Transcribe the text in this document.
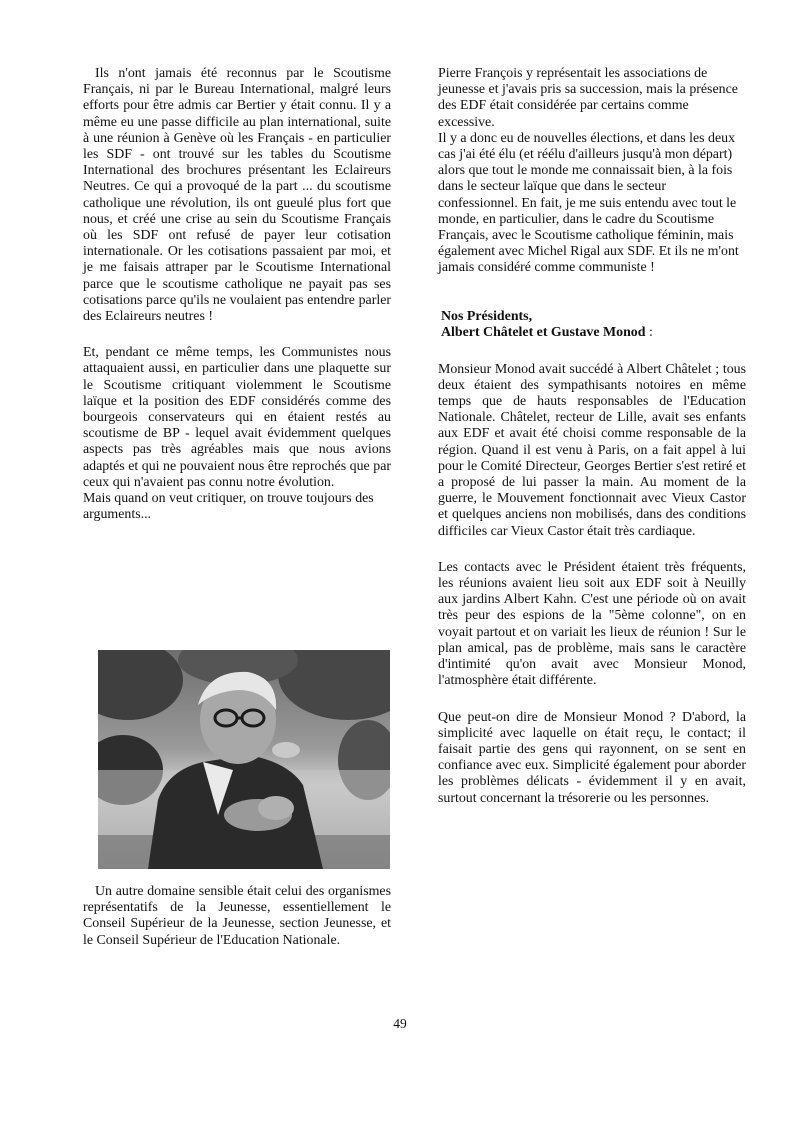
Ils n'ont jamais été reconnus par le Scoutisme Français, ni par le Bureau International, malgré leurs efforts pour être admis car Bertier y était connu. Il y a même eu une passe difficile au plan international, suite à une réunion à Genève où les Français - en particulier les SDF - ont trouvé sur les tables du Scoutisme International des brochures présentant les Eclaireurs Neutres. Ce qui a provoqué de la part ... du scoutisme catholique une révolution, ils ont gueulé plus fort que nous, et créé une crise au sein du Scoutisme Français où les SDF ont refusé de payer leur cotisation internationale. Or les cotisations passaient par moi, et je me faisais attraper par le Scoutisme International parce que le scoutisme catholique ne payait pas ses cotisations parce qu'ils ne voulaient pas entendre parler des Eclaireurs neutres !

Et, pendant ce même temps, les Communistes nous attaquaient aussi, en particulier dans une plaquette sur le Scoutisme critiquant violemment le Scoutisme laïque et la position des EDF considérés comme des bourgeois conservateurs qui en étaient restés au scoutisme de BP - lequel avait évidemment quelques aspects pas très agréables mais que nous avions adaptés et qui ne pouvaient nous être reprochés que par ceux qui n'avaient pas connu notre évolution.

Mais quand on veut critiquer, on trouve toujours des arguments...

Un autre domaine sensible était celui des organismes représentatifs de la Jeunesse, essentiellement le Conseil Supérieur de la Jeunesse, section Jeunesse, et le Conseil Supérieur de l'Education Nationale.

Pierre François y représentait les associations de jeunesse et j'avais pris sa succession, mais la présence des EDF était considérée par certains comme excessive.

Il y a donc eu de nouvelles élections, et dans les deux cas j'ai été élu (et réélu d'ailleurs jusqu'à mon départ) alors que tout le monde me connaissait bien, à la fois dans le secteur laïque que dans le secteur confessionnel. En fait, je me suis entendu avec tout le monde, en particulier, dans le cadre du Scoutisme Français, avec le Scoutisme catholique féminin, mais également avec Michel Rigal aux SDF. Et ils ne m'ont jamais considéré comme communiste !

Nos Présidents,
Albert Châtelet et Gustave Monod :

Monsieur Monod avait succédé à Albert Châtelet ; tous deux étaient des sympathisants notoires en même temps que de hauts responsables de l'Education Nationale. Châtelet, recteur de Lille, avait ses enfants aux EDF et avait été choisi comme responsable de la région. Quand il est venu à Paris, on a fait appel à lui pour le Comité Directeur, Georges Bertier s'est retiré et a proposé de lui passer la main. Au moment de la guerre, le Mouvement fonctionnait avec Vieux Castor et quelques anciens non mobilisés, dans des conditions difficiles car Vieux Castor était très cardiaque.

Les contacts avec le Président étaient très fréquents, les réunions avaient lieu soit aux EDF soit à Neuilly aux jardins Albert Kahn. C'est une période où on avait très peur des espions de la "5ème colonne", on en voyait partout et on variait les lieux de réunion ! Sur le plan amical, pas de problème, mais sans le caractère d'intimité qu'on avait avec Monsieur Monod, l'atmosphère était différente.

Que peut-on dire de Monsieur Monod ? D'abord, la simplicité avec laquelle on était reçu, le contact; il faisait partie des gens qui rayonnent, on se sent en confiance avec eux. Simplicité également pour aborder les problèmes délicats - évidemment il y en avait, surtout concernant la trésorerie ou les personnes.

49
